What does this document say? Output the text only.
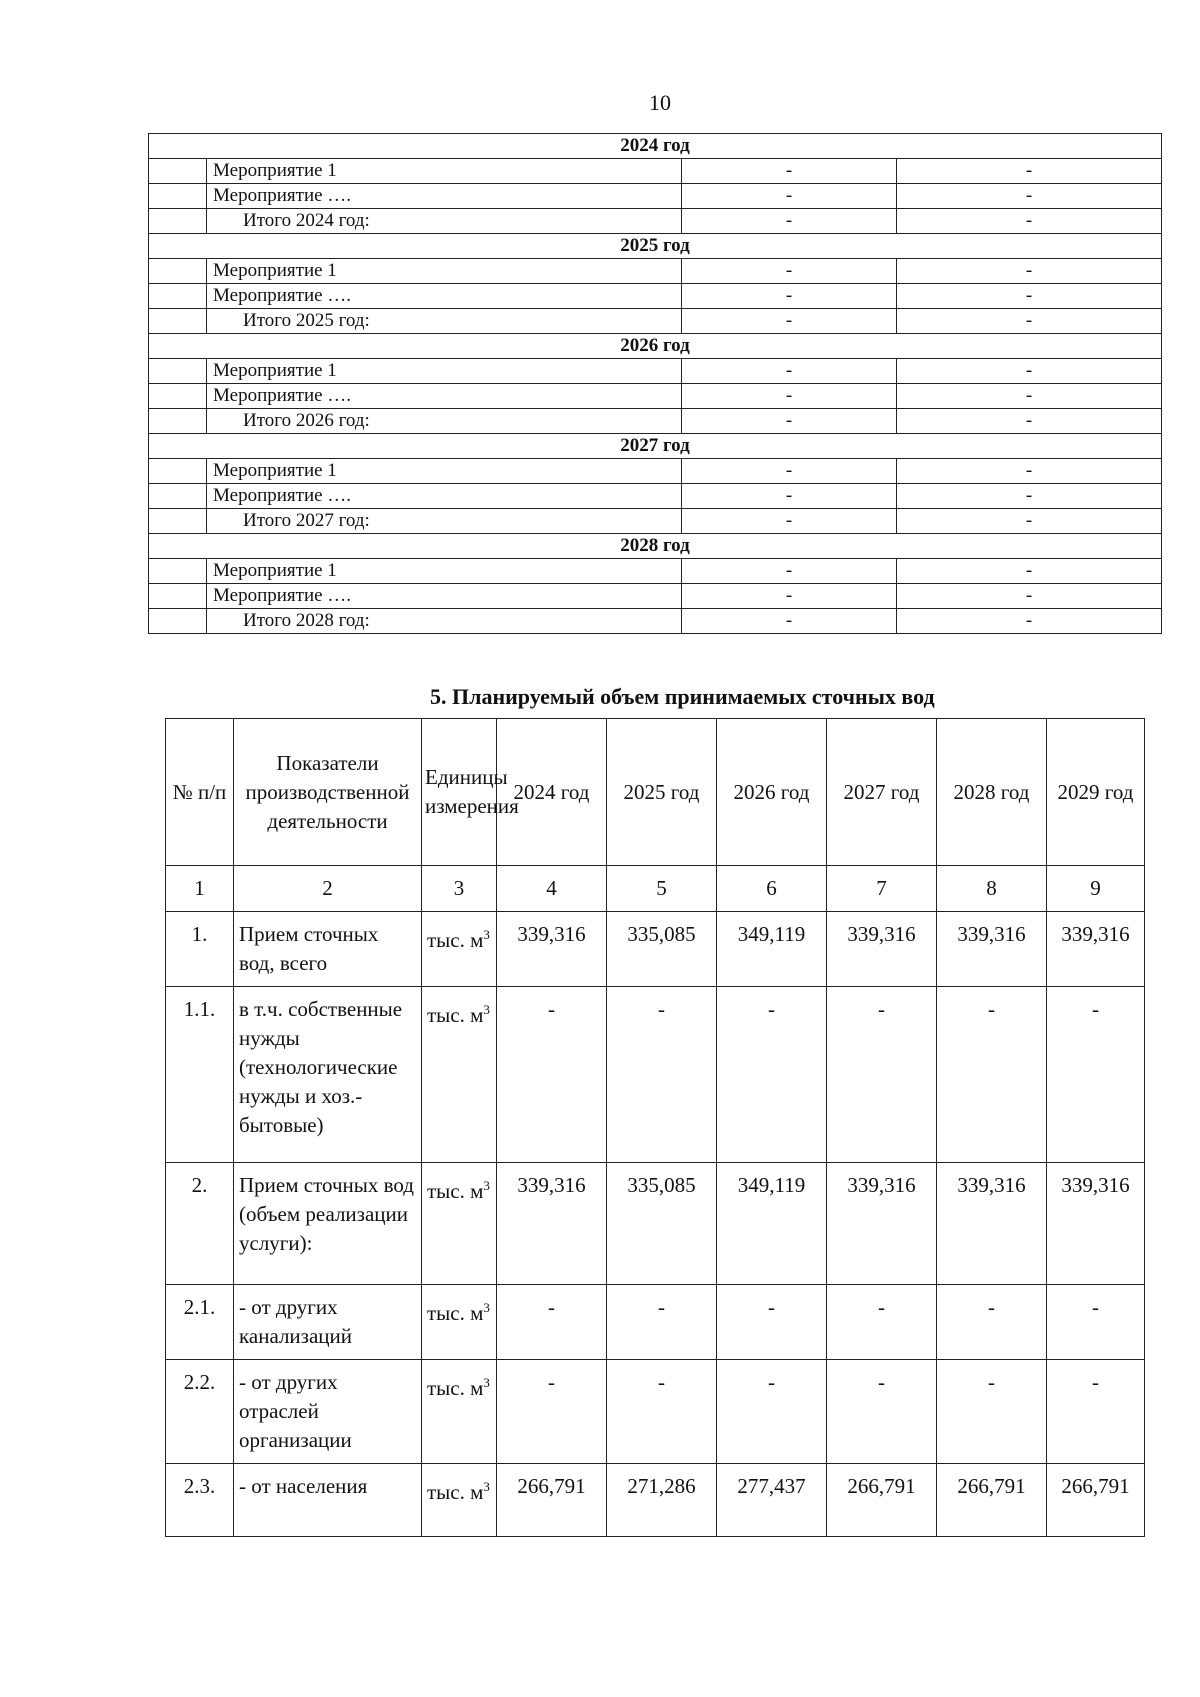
10
2024 год			
	Мероприятие 1	-	-
	Мероприятие ….	-	-
	Итого 2024 год:	-	-
2025 год			
	Мероприятие 1	-	-
	Мероприятие ….	-	-
	Итого 2025 год:	-	-
2026 год			
	Мероприятие 1	-	-
	Мероприятие ….	-	-
	Итого 2026 год:	-	-
2027 год			
	Мероприятие 1	-	-
	Мероприятие ….	-	-
	Итого 2027 год:	-	-
2028 год			
	Мероприятие 1	-	-
	Мероприятие ….	-	-
	Итого 2028 год:	-	-
5. Планируемый объем принимаемых сточных вод
№ п/п	Показатели производственной деятельности	Единицы измерения	2024 год	2025 год	2026 год	2027 год	2028 год	2029 год
1	2	3	4	5	6	7	8	9
1.	Прием сточных вод, всего	тыс. $м^3$	339,316	335,085	349,119	339,316	339,316	339,316
1.1.	в т.ч. собственные нужды (технологические нужды и хоз.-бытовые)	тыс. $м^3$	-	-	-	-	-	-
2.	Прием сточных вод (объем реализации услуги):	тыс. $м^3$	339,316	335,085	349,119	339,316	339,316	339,316
2.1.	- от других канализаций	тыс. $м^3$	-	-	-	-	-	-
2.2.	- от других отраслей организации	тыс. $м^3$	-	-	-	-	-	-
2.3.	- от населения	тыс. $м^3$	266,791	271,286	277,437	266,791	266,791	266,791
